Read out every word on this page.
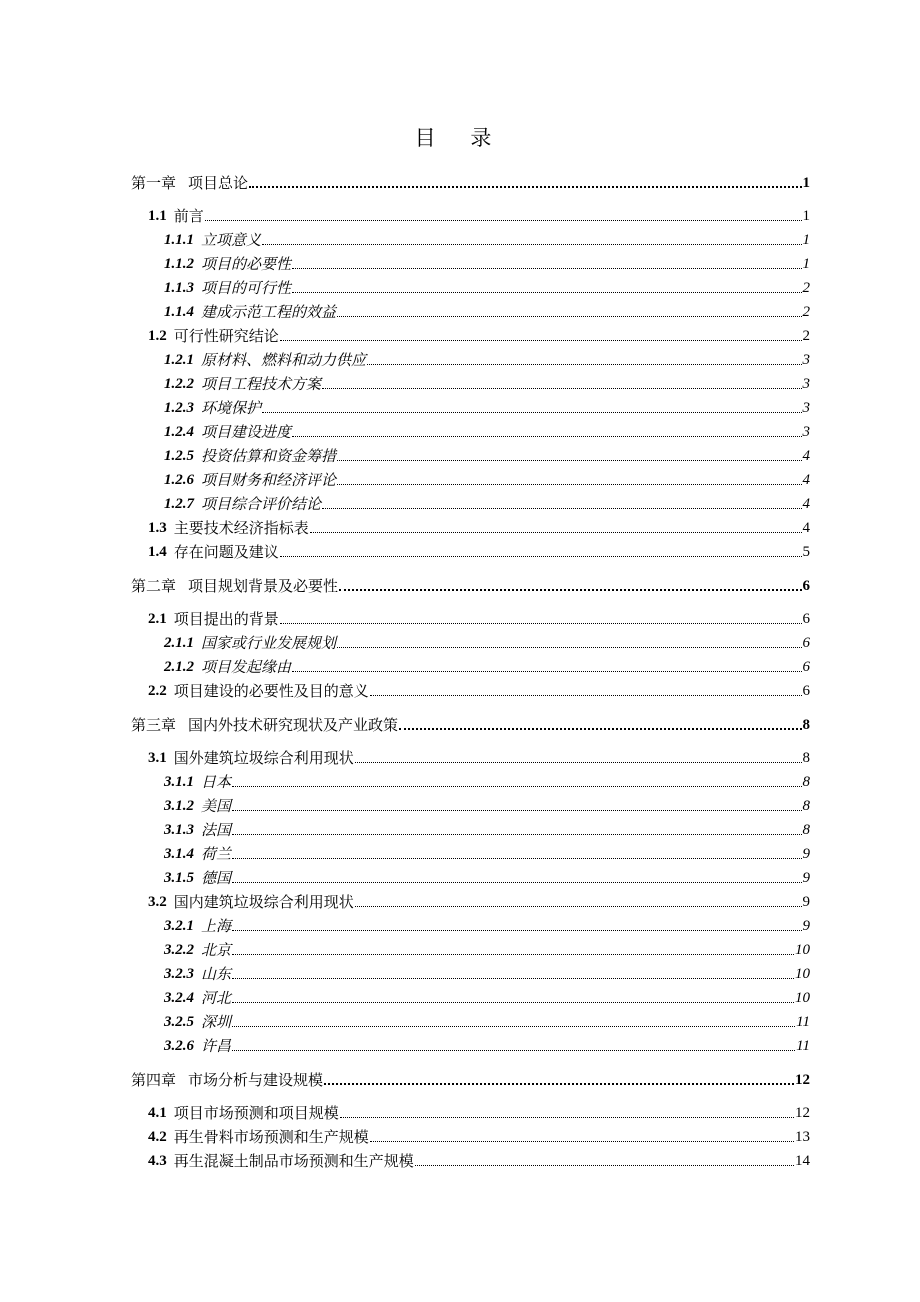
目 录
第一章 项目总论	1
1.1 前言	1
1.1.1 立项意义	1
1.1.2 项目的必要性	1
1.1.3 项目的可行性	2
1.1.4 建成示范工程的效益	2
1.2 可行性研究结论	2
1.2.1 原材料、燃料和动力供应	3
1.2.2 项目工程技术方案	3
1.2.3 环境保护	3
1.2.4 项目建设进度	3
1.2.5 投资估算和资金筹措	4
1.2.6 项目财务和经济评论	4
1.2.7 项目综合评价结论	4
1.3 主要技术经济指标表	4
1.4 存在问题及建议	5
第二章 项目规划背景及必要性	6
2.1 项目提出的背景	6
2.1.1 国家或行业发展规划	6
2.1.2 项目发起缘由	6
2.2 项目建设的必要性及目的意义	6
第三章 国内外技术研究现状及产业政策	8
3.1 国外建筑垃圾综合利用现状	8
3.1.1 日本	8
3.1.2 美国	8
3.1.3 法国	8
3.1.4 荷兰	9
3.1.5 德国	9
3.2 国内建筑垃圾综合利用现状	9
3.2.1 上海	9
3.2.2 北京	10
3.2.3 山东	10
3.2.4 河北	10
3.2.5 深圳	11
3.2.6 许昌	11
第四章 市场分析与建设规模	12
4.1 项目市场预测和项目规模	12
4.2 再生骨料市场预测和生产规模	13
4.3 再生混凝土制品市场预测和生产规模	14
